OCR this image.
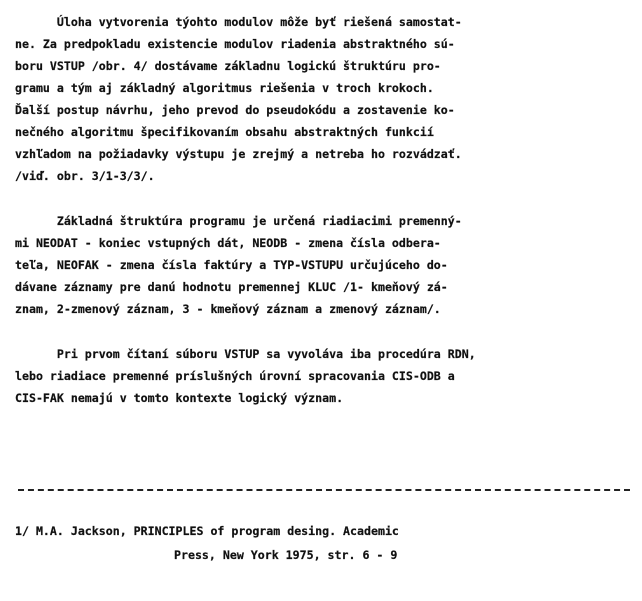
Úloha vytvorenia týohto modulov môže byť riešená samostat-
ne. Za predpokladu existencie modulov riadenia abstraktného sú-
boru VSTUP /obr. 4/ dostávame základnu logickú štruktúru pro-
gramu a tým aj základný algoritmus riešenia v troch krokoch.
Ďalší postup návrhu, jeho prevod do pseudokódu a zostavenie ko-
nečného algoritmu špecifikovaním obsahu abstraktných funkcií
vzhľadom na požiadavky výstupu je zrejmý a netreba ho rozvádzať.
/viď. obr. 3/1-3/3/.
Základná štruktúra programu je určená riadiacimi premenný-
mi NEODAT - koniec vstupných dát, NEODB - zmena čísla odbera-
teľa, NEOFAK - zmena čísla faktúry a TYP-VSTUPU určujúceho do-
dávane záznamy pre danú hodnotu premennej KLUC /1- kmeňový zá-
znam, 2-zmenový záznam, 3 - kmeňový záznam a zmenový záznam/.
Pri prvom čítaní súboru VSTUP sa vyvoláva iba procedúra RDN,
lebo riadiace premenné príslušných úrovní spracovania CIS-ODB a
CIS-FAK nemajú v tomto kontexte logický význam.
1/ M.A. Jackson, PRINCIPLES of program desing. Academic
Press, New York 1975, str. 6 - 9
